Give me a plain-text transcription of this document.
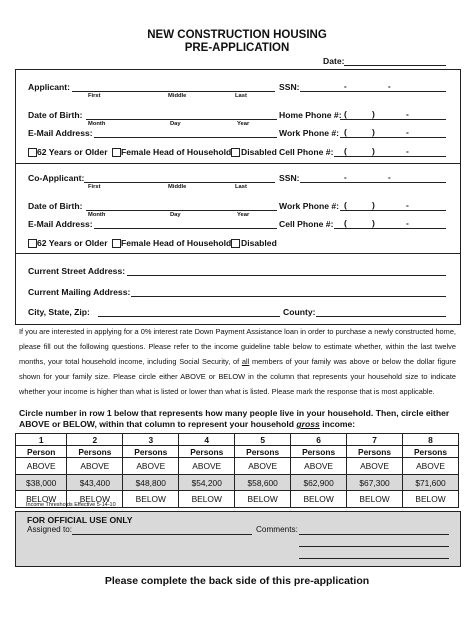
NEW CONSTRUCTION HOUSING
PRE-APPLICATION
Date:
Applicant:	SSN:	-	-
First	Middle	Last
Date of Birth:	Home Phone #: (	)	-
Month	Day	Year
E-Mail Address:	Work Phone #: (	)	-
62 Years or Older Female Head of Household Disabled Cell Phone #: (	)	-
Co-Applicant:	SSN:	-	-
First	Middle	Last
Date of Birth:	Work Phone #: (	)	-
Month	Day	Year
E-Mail Address:	Cell Phone #: (	)	-
62 Years or Older Female Head of Household Disabled
Current Street Address:
Current Mailing Address:
City, State, Zip:	County:
If you are interested in applying for a 0% interest rate Down Payment Assistance loan in order to purchase a newly constructed home, please fill out the following questions. Please refer to the income guideline table below to estimate whether, within the last twelve months, your total household income, including Social Security, of all members of your family was above or below the dollar figure shown for your family size. Please circle either ABOVE or BELOW in the column that represents your household size to indicate whether your income is higher than what is listed or lower than what is listed. Please mark the response that is most applicable.
Circle number in row 1 below that represents how many people live in your household. Then, circle either ABOVE or BELOW, within that column to represent your household gross income:
1	2	3	4	5	6	7	8
Person	Persons	Persons	Persons	Persons	Persons	Persons	Persons
ABOVE	ABOVE	ABOVE	ABOVE	ABOVE	ABOVE	ABOVE	ABOVE
$38,000	$43,400	$48,800	$54,200	$58,600	$62,900	$67,300	$71,600
BELOW	BELOW	BELOW	BELOW	BELOW	BELOW	BELOW	BELOW
Income Thresholds Effective 5-14-10
FOR OFFICIAL USE ONLY
Assigned to:	Comments:
Please complete the back side of this pre-application
